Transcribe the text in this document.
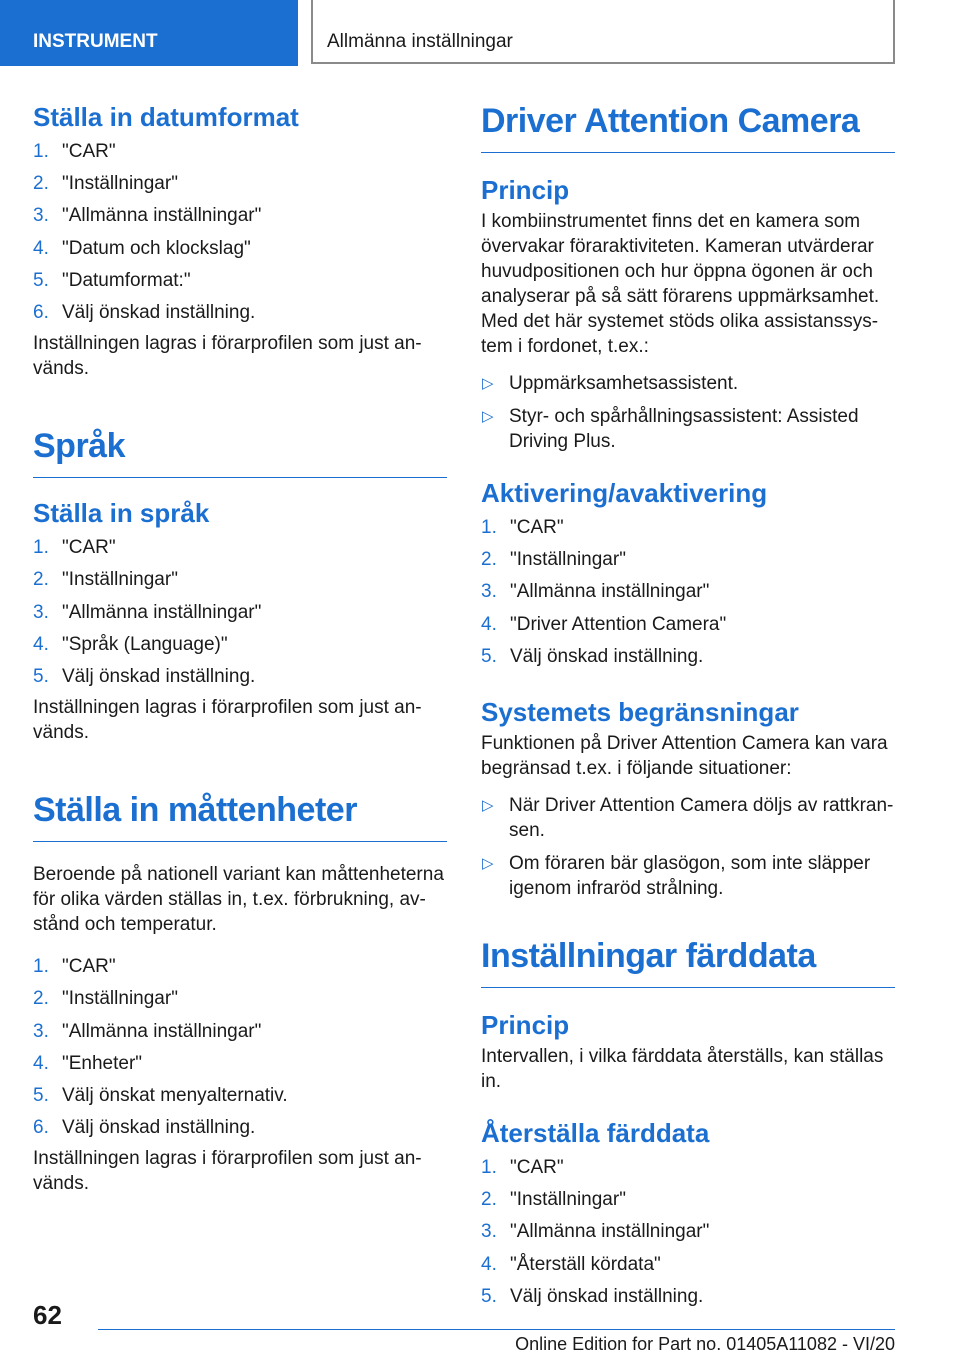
INSTRUMENT	Allmänna inställningar
Ställa in datumformat
1. "CAR"
2. "Inställningar"
3. "Allmänna inställningar"
4. "Datum och klockslag"
5. "Datumformat:"
6. Välj önskad inställning.

Inställningen lagras i förarprofilen som just an-vänds.

Språk
Ställa in språk
1. "CAR"
2. "Inställningar"
3. "Allmänna inställningar"
4. "Språk (Language)"
5. Välj önskad inställning.

Inställningen lagras i förarprofilen som just an-vänds.

Ställa in måttenheter

Beroende på nationell variant kan måttenheterna för olika värden ställas in, t.ex. förbrukning, av-stånd och temperatur.

1. "CAR"
2. "Inställningar"
3. "Allmänna inställningar"
4. "Enheter"
5. Välj önskat menyalternativ.
6. Välj önskad inställning.

Inställningen lagras i förarprofilen som just an-vänds.

Driver Attention Camera
Princip

I kombiinstrumentet finns det en kamera som övervakar föraraktiviteten. Kameran utvärderar huvudpositionen och hur öppna ögonen är och analyserar på så sätt förarens uppmärksamhet. Med det här systemet stöds olika assistanssys-tem i fordonet, t.ex.:

▷ Uppmärksamhetsassistent.
▷ Styr- och spårhållningsassistent: Assisted Driving Plus.
Aktivering/avaktivering
1. "CAR"
2. "Inställningar"
3. "Allmänna inställningar"
4. "Driver Attention Camera"
5. Välj önskad inställning.
Systemets begränsningar

Funktionen på Driver Attention Camera kan vara begränsad t.ex. i följande situationer:

▷ När Driver Attention Camera döljs av rattkran-sen.
▷ Om föraren bär glasögon, som inte släpper igenom infraröd strålning.
Inställningar färddata
Princip

Intervallen, i vilka färddata återställs, kan ställas in.

Återställa färddata
1. "CAR"
2. "Inställningar"
3. "Allmänna inställningar"
4. "Återställ kördata"
5. Välj önskad inställning.
62
Online Edition for Part no. 01405A11082 - VI/20
